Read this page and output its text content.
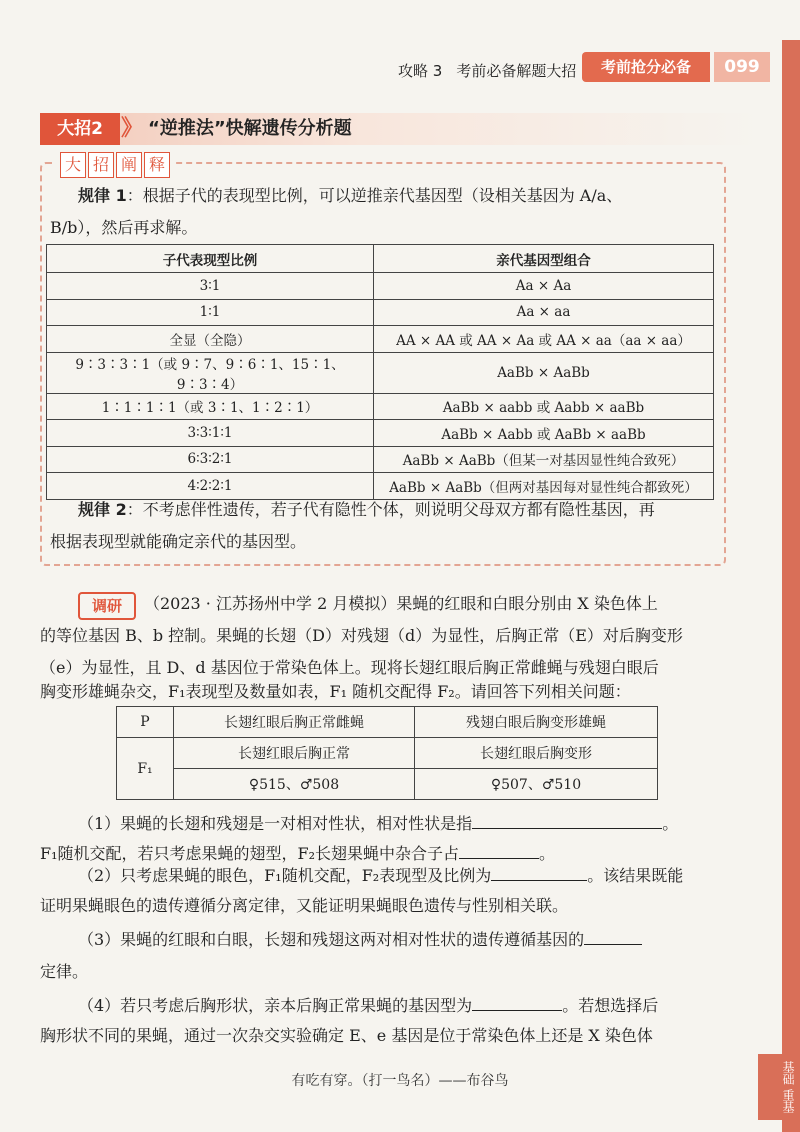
攻略 3 考前必备解题大招	考前抢分必备	099
大招2 》 “逆推法”快解遗传分析题
大 招 阐 释
规律 1：根据子代的表现型比例，可以逆推亲代基因型（设相关基因为 A/a、
B/b），然后再求解。
子代表现型比例	亲代基因型组合
3∶1	Aa × Aa
1∶1	Aa × aa
全显（全隐）	AA × AA 或 AA × Aa 或 AA × aa（aa × aa）
9∶3∶3∶1（或 9∶7、9∶6∶1、15∶1、9∶3∶4）	AaBb × AaBb
1∶1∶1∶1（或 3∶1、1∶2∶1）	AaBb × aabb 或 Aabb × aaBb
3∶3∶1∶1	AaBb × Aabb 或 AaBb × aaBb
6∶3∶2∶1	AaBb × AaBb（但某一对基因显性纯合致死）
4∶2∶2∶1	AaBb × AaBb（但两对基因每对显性纯合都致死）
规律 2：不考虑伴性遗传，若子代有隐性个体，则说明父母双方都有隐性基因，再
根据表现型就能确定亲代的基因型。
调研	（2023 · 江苏扬州中学 2 月模拟）果蝇的红眼和白眼分别由 X 染色体上
的等位基因 B、b 控制。果蝇的长翅（D）对残翅（d）为显性，后胸正常（E）对后胸变形
（e）为显性，且 D、d 基因位于常染色体上。现将长翅红眼后胸正常雌蝇与残翅白眼后
胸变形雄蝇杂交，F₁表现型及数量如表，F₁ 随机交配得 F₂。请回答下列相关问题：
P	长翅红眼后胸正常雌蝇	残翅白眼后胸变形雄蝇
F₁	长翅红眼后胸正常	长翅红眼后胸变形
	♀515、♂508	♀507、♂510
（1）果蝇的长翅和残翅是一对相对性状，相对性状是指	。
F₁随机交配，若只考虑果蝇的翅型，F₂长翅果蝇中杂合子占	。
（2）只考虑果蝇的眼色，F₁随机交配，F₂表现型及比例为	。该结果既能
证明果蝇眼色的遗传遵循分离定律，又能证明果蝇眼色遗传与性别相关联。
（3）果蝇的红眼和白眼，长翅和残翅这两对相对性状的遗传遵循基因的
定律。
（4）若只考虑后胸形状，亲本后胸正常果蝇的基因型为	。若想选择后
胸形状不同的果蝇，通过一次杂交实验确定 E、e 基因是位于常染色体上还是 X 染色体
有吃有穿。（打一鸟名）——布谷鸟	基础 重基
